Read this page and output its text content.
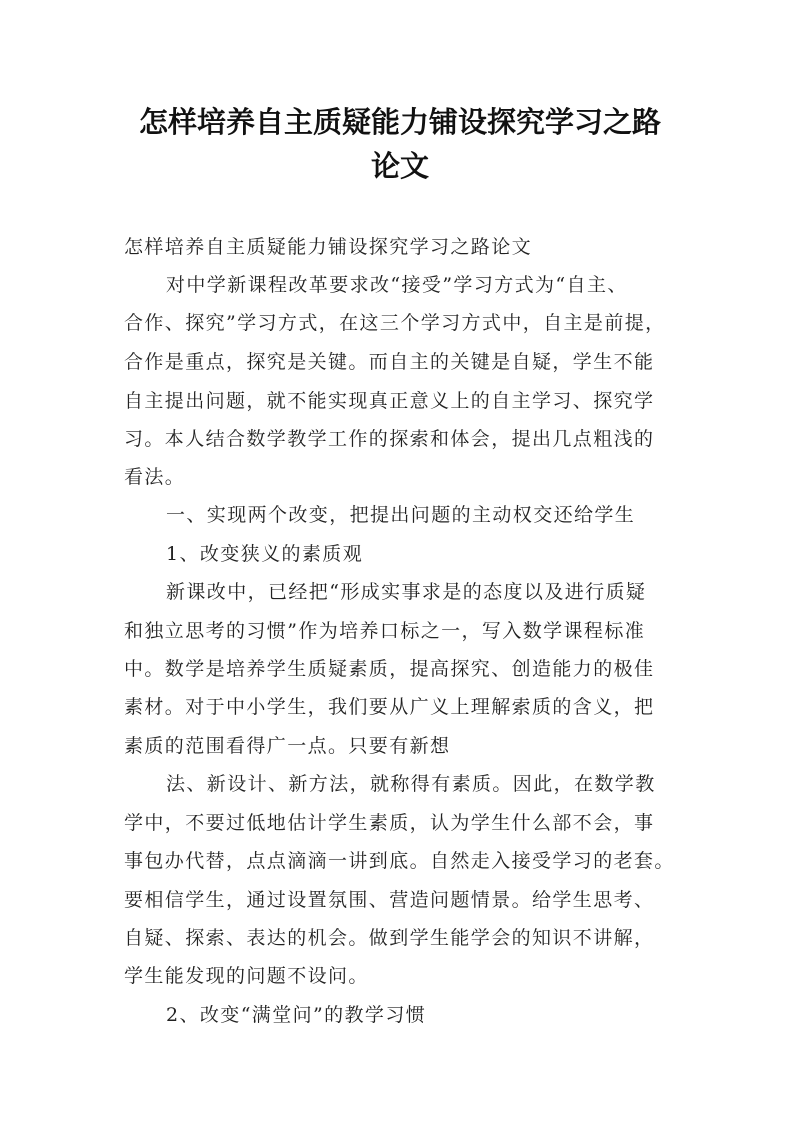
怎样培养自主质疑能力铺设探究学习之路
论文
怎样培养自主质疑能力铺设探究学习之路论文
对中学新课程改革要求改“接受”学习方式为“自主、
合作、探究”学习方式，在这三个学习方式中，自主是前提，
合作是重点，探究是关键。而自主的关键是自疑，学生不能
自主提出问题，就不能实现真正意义上的自主学习、探究学
习。本人结合数学教学工作的探索和体会，提出几点粗浅的
看法。
一、实现两个改变，把提出问题的主动权交还给学生
1、改变狭义的素质观
新课改中，已经把“形成实事求是的态度以及进行质疑
和独立思考的习惯”作为培养口标之一，写入数学课程标准
中。数学是培养学生质疑素质，提高探究、创造能力的极佳
素材。对于中小学生，我们要从广义上理解索质的含义，把
素质的范围看得广一点。只要有新想
法、新设计、新方法，就称得有素质。因此，在数学教
学中，不要过低地估计学生素质，认为学生什么部不会，事
事包办代替，点点滴滴一讲到底。自然走入接受学习的老套。
要相信学生，通过设置氛围、营造问题情景。给学生思考、
自疑、探索、表达的机会。做到学生能学会的知识不讲解，
学生能发现的问题不设问。
2、改变“满堂问”的教学习惯
